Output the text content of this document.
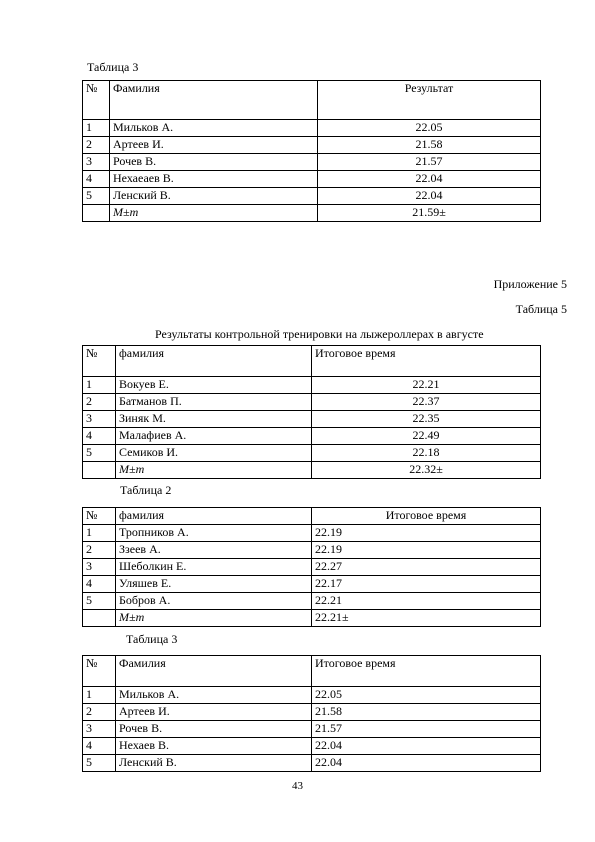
Таблица 3
№	Фамилия	Результат
1	Мильков А.	22.05
2	Артеев И.	21.58
3	Рочев В.	21.57
4	Нехаеаев В.	22.04
5	Ленский В.	22.04
	M±m	21.59±
Приложение 5
Таблица 5
Результаты контрольной тренировки на лыжероллерах в августе
№	фамилия	Итоговое время
1	Вокуев Е.	22.21
2	Батманов П.	22.37
3	Зиняк М.	22.35
4	Малафиев А.	22.49
5	Семиков И.	22.18
	M±m	22.32±
Таблица 2
№	фамилия	Итоговое время
1	Тропников А.	22.19
2	Ззеев А.	22.19
3	Шеболкин Е.	22.27
4	Уляшев Е.	22.17
5	Бобров А.	22.21
	M±m	22.21±
Таблица 3
№	Фамилия	Итоговое время
1	Мильков А.	22.05
2	Артеев И.	21.58
3	Рочев В.	21.57
4	Нехаев В.	22.04
5	Ленский В.	22.04
43
